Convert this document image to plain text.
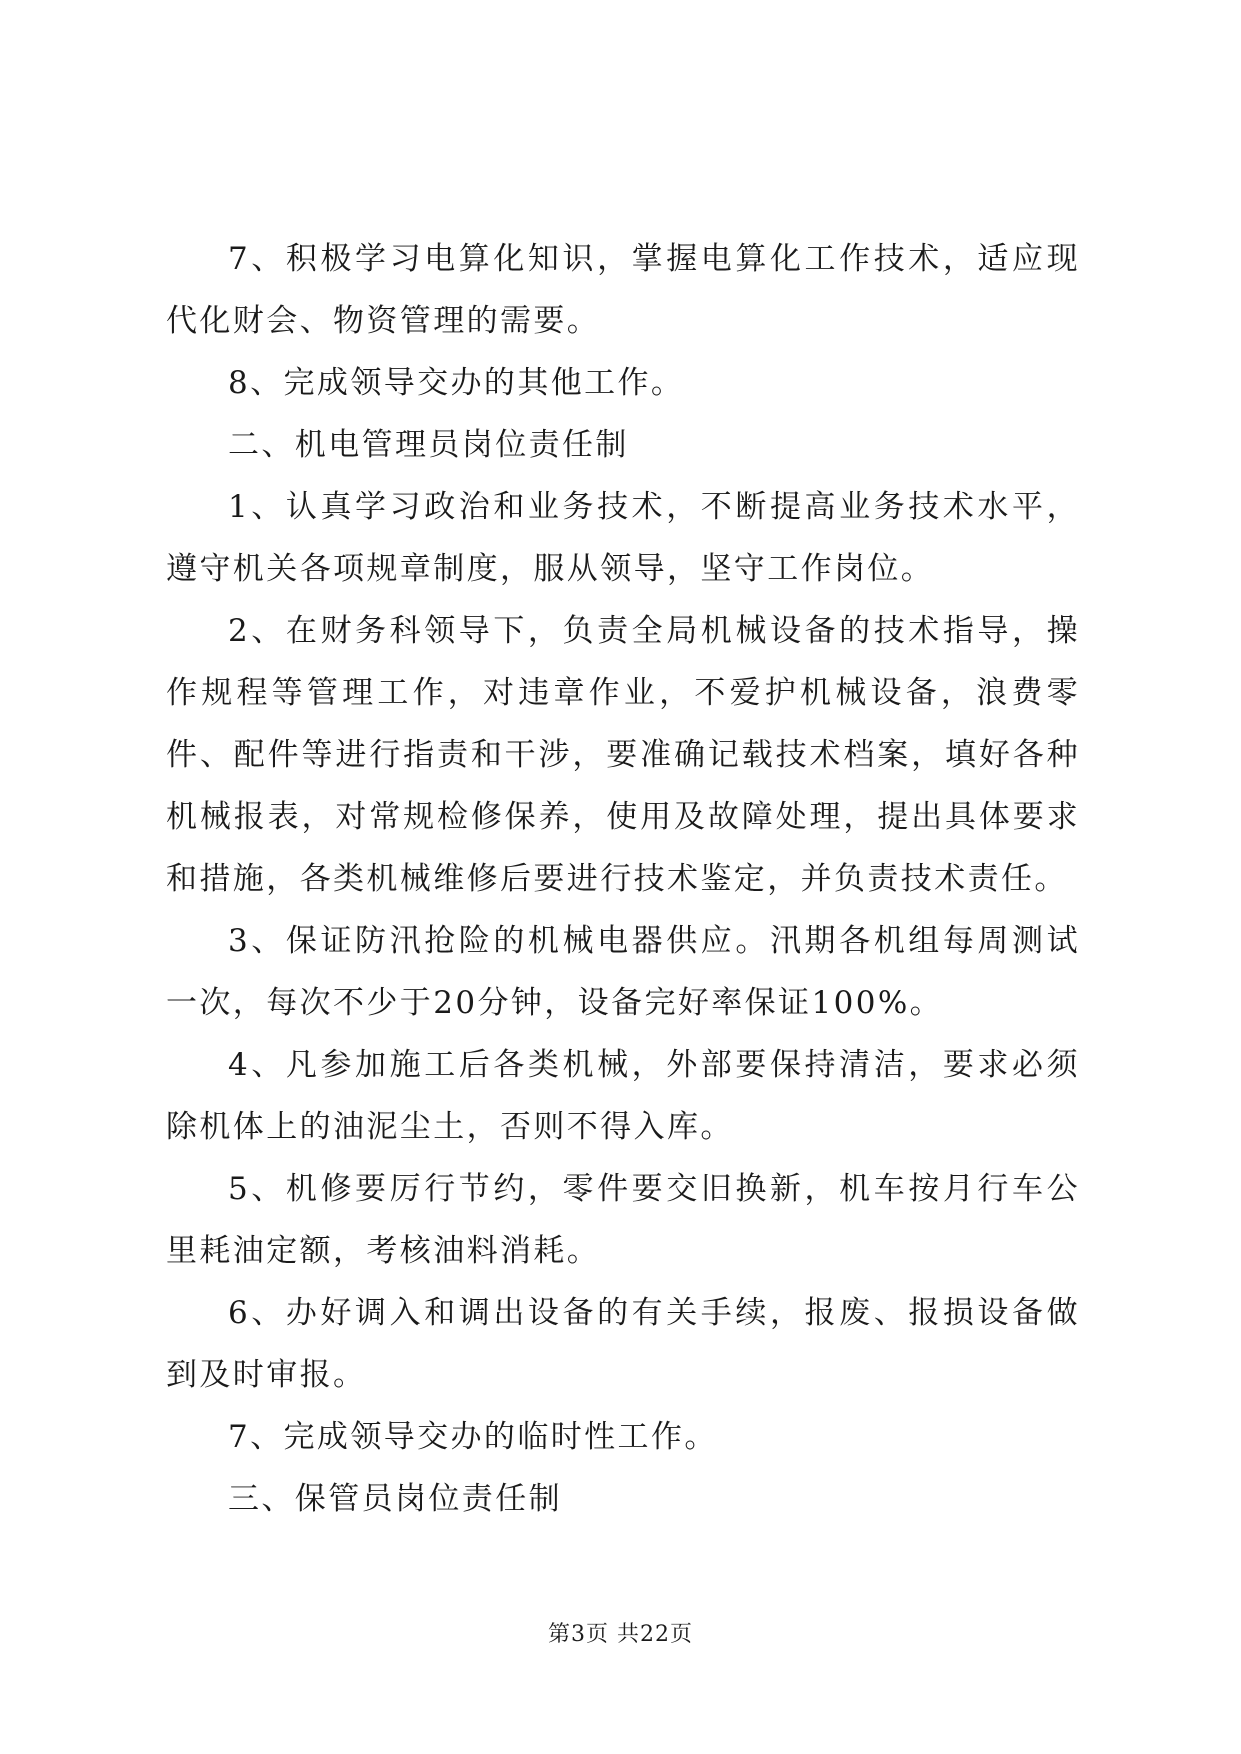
7、积极学习电算化知识，掌握电算化工作技术，适应现代化财会、物资管理的需要。

8、完成领导交办的其他工作。

二、机电管理员岗位责任制

1、认真学习政治和业务技术，不断提高业务技术水平，遵守机关各项规章制度，服从领导，坚守工作岗位。

2、在财务科领导下，负责全局机械设备的技术指导，操作规程等管理工作，对违章作业，不爱护机械设备，浪费零件、配件等进行指责和干涉，要准确记载技术档案，填好各种机械报表，对常规检修保养，使用及故障处理，提出具体要求和措施，各类机械维修后要进行技术鉴定，并负责技术责任。

3、保证防汛抢险的机械电器供应。汛期各机组每周测试一次，每次不少于20分钟，设备完好率保证100%。

4、凡参加施工后各类机械，外部要保持清洁，要求必须除机体上的油泥尘土，否则不得入库。

5、机修要厉行节约，零件要交旧换新，机车按月行车公里耗油定额，考核油料消耗。

6、办好调入和调出设备的有关手续，报废、报损设备做到及时审报。

7、完成领导交办的临时性工作。

三、保管员岗位责任制

第3页 共22页
